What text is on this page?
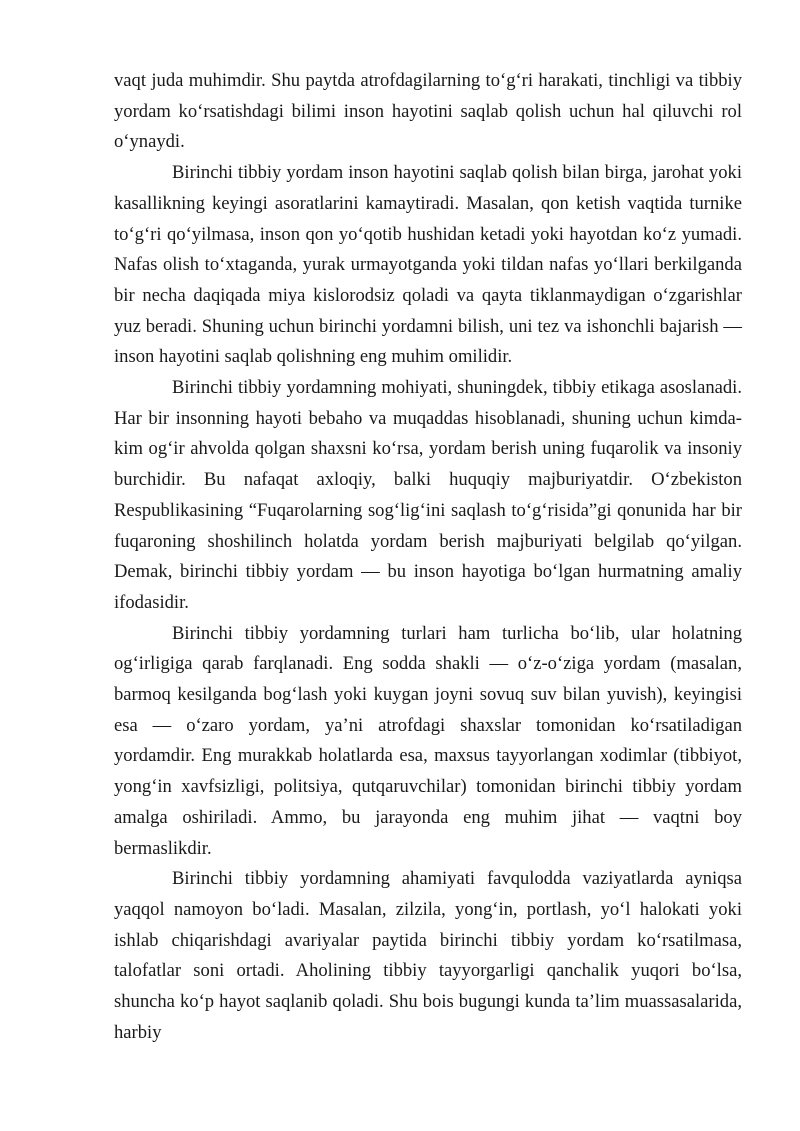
vaqt juda muhimdir. Shu paytda atrofdagilarning to‘g‘ri harakati, tinchligi va tibbiy yordam ko‘rsatishdagi bilimi inson hayotini saqlab qolish uchun hal qiluvchi rol o‘ynaydi.

Birinchi tibbiy yordam inson hayotini saqlab qolish bilan birga, jarohat yoki kasallikning keyingi asoratlarini kamaytiradi. Masalan, qon ketish vaqtida turnike to‘g‘ri qo‘yilmasa, inson qon yo‘qotib hushidan ketadi yoki hayotdan ko‘z yumadi. Nafas olish to‘xtaganda, yurak urmayotganda yoki tildan nafas yo‘llari berkilganda bir necha daqiqada miya kislorodsiz qoladi va qayta tiklanmaydigan o‘zgarishlar yuz beradi. Shuning uchun birinchi yordamni bilish, uni tez va ishonchli bajarish — inson hayotini saqlab qolishning eng muhim omilidir.

Birinchi tibbiy yordamning mohiyati, shuningdek, tibbiy etikaga asoslanadi. Har bir insonning hayoti bebaho va muqaddas hisoblanadi, shuning uchun kimda-kim og‘ir ahvolda qolgan shaxsni ko‘rsa, yordam berish uning fuqarolik va insoniy burchidir. Bu nafaqat axloqiy, balki huquqiy majburiyatdir. O‘zbekiston Respublikasining “Fuqarolarning sog‘lig‘ini saqlash to‘g‘risida”gi qonunida har bir fuqaroning shoshilinch holatda yordam berish majburiyati belgilab qo‘yilgan. Demak, birinchi tibbiy yordam — bu inson hayotiga bo‘lgan hurmatning amaliy ifodasidir.

Birinchi tibbiy yordamning turlari ham turlicha bo‘lib, ular holatning og‘irligiga qarab farqlanadi. Eng sodda shakli — o‘z-o‘ziga yordam (masalan, barmoq kesilganda bog‘lash yoki kuygan joyni sovuq suv bilan yuvish), keyingisi esa — o‘zaro yordam, ya’ni atrofdagi shaxslar tomonidan ko‘rsatiladigan yordamdir. Eng murakkab holatlarda esa, maxsus tayyorlangan xodimlar (tibbiyot, yong‘in xavfsizligi, politsiya, qutqaruvchilar) tomonidan birinchi tibbiy yordam amalga oshiriladi. Ammo, bu jarayonda eng muhim jihat — vaqtni boy bermaslikdir.

Birinchi tibbiy yordamning ahamiyati favqulodda vaziyatlarda ayniqsa yaqqol namoyon bo‘ladi. Masalan, zilzila, yong‘in, portlash, yo‘l halokati yoki ishlab chiqarishdagi avariyalar paytida birinchi tibbiy yordam ko‘rsatilmasa, talofatlar soni ortadi. Aholining tibbiy tayyorgarligi qanchalik yuqori bo‘lsa, shuncha ko‘p hayot saqlanib qoladi. Shu bois bugungi kunda ta’lim muassasalarida, harbiy
